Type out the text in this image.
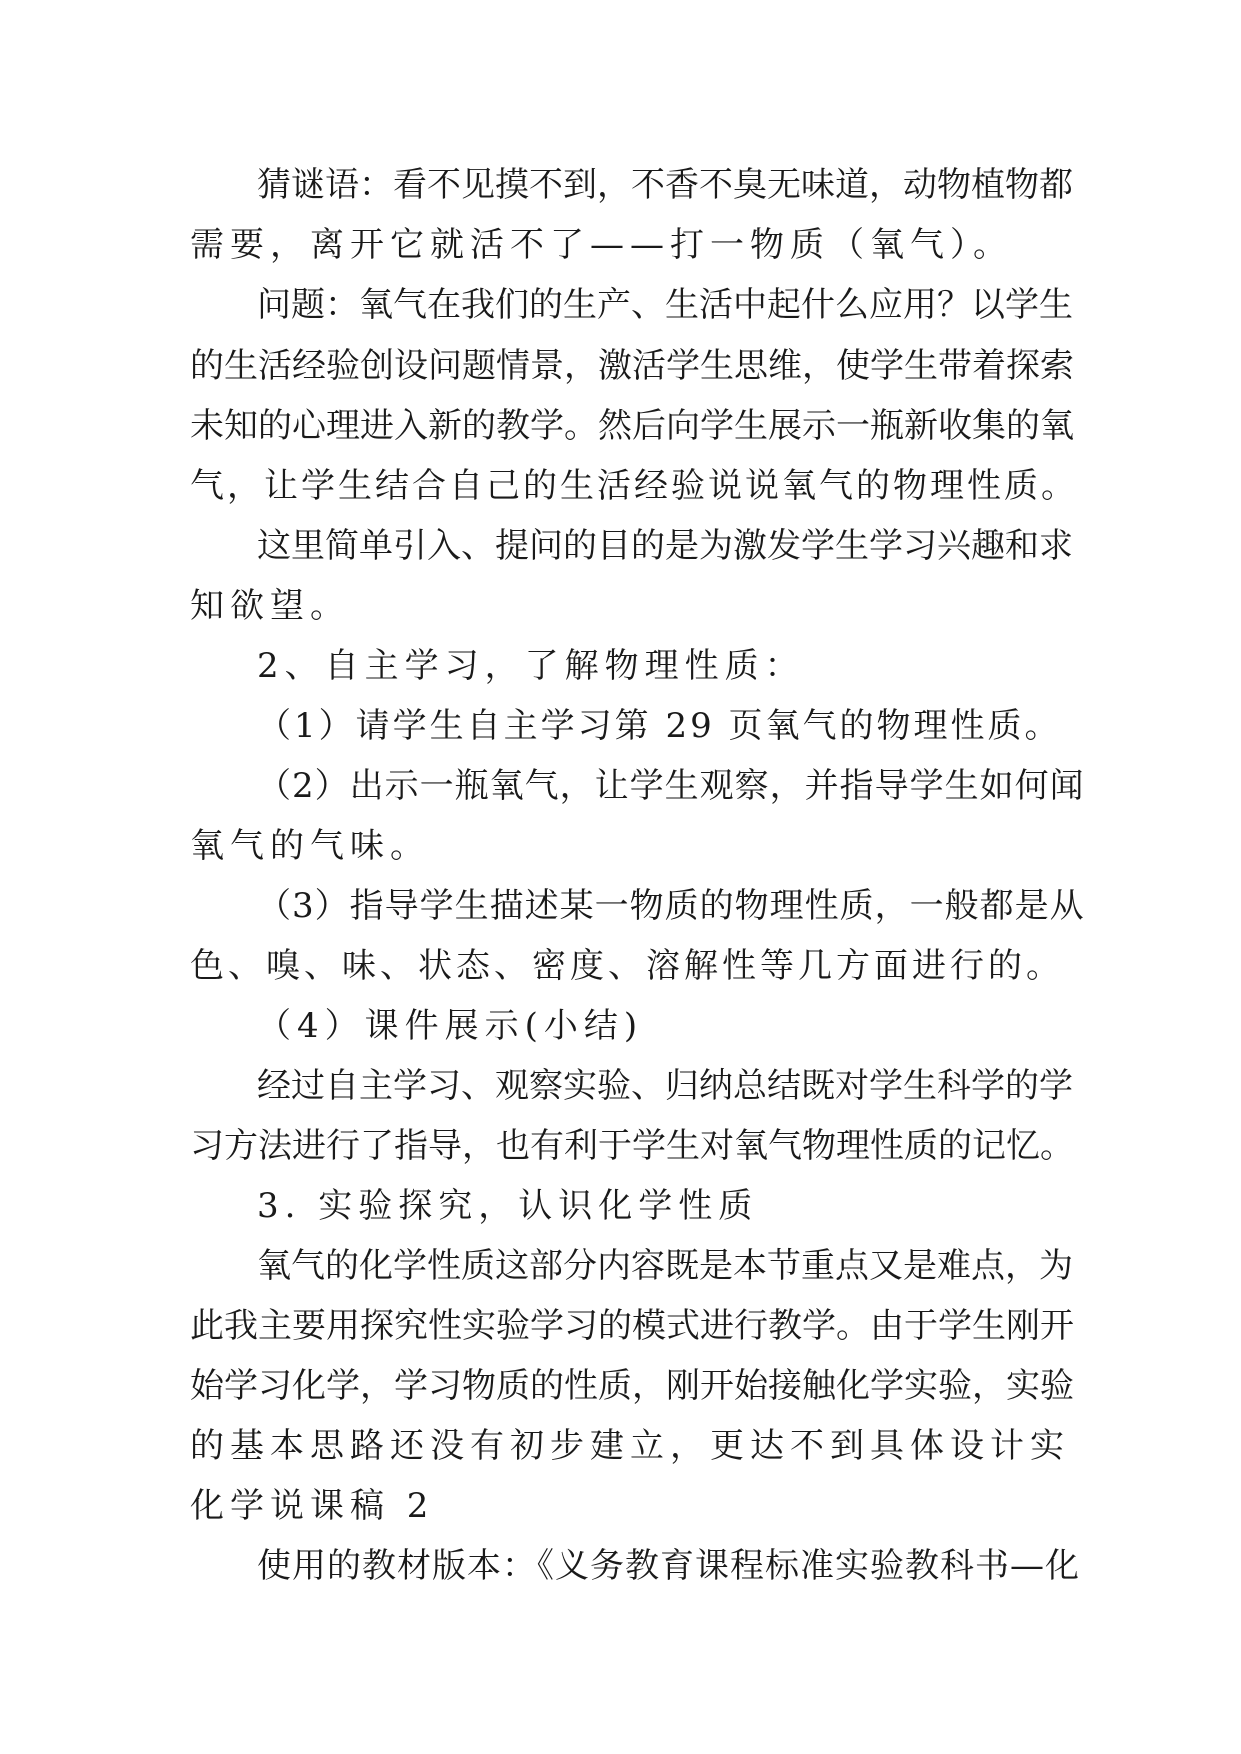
猜谜语：看不见摸不到，不香不臭无味道，动物植物都
需要，离开它就活不了——打一物质（氧气）。
问题：氧气在我们的生产、生活中起什么应用？以学生
的生活经验创设问题情景，激活学生思维，使学生带着探索
未知的心理进入新的教学。然后向学生展示一瓶新收集的氧
气，让学生结合自己的生活经验说说氧气的物理性质。
这里简单引入、提问的目的是为激发学生学习兴趣和求
知欲望。
2、自主学习，了解物理性质：
（1）请学生自主学习第 29 页氧气的物理性质。
（2）出示一瓶氧气，让学生观察，并指导学生如何闻
氧气的气味。
（3）指导学生描述某一物质的物理性质，一般都是从
色、嗅、味、状态、密度、溶解性等几方面进行的。
（4）课件展示(小结)
经过自主学习、观察实验、归纳总结既对学生科学的学
习方法进行了指导，也有利于学生对氧气物理性质的记忆。
3. 实验探究，认识化学性质
氧气的化学性质这部分内容既是本节重点又是难点，为
此我主要用探究性实验学习的模式进行教学。由于学生刚开
始学习化学，学习物质的性质，刚开始接触化学实验，实验
的基本思路还没有初步建立，更达不到具体设计实
化学说课稿 2
使用的教材版本：《义务教育课程标准实验教科书—化
